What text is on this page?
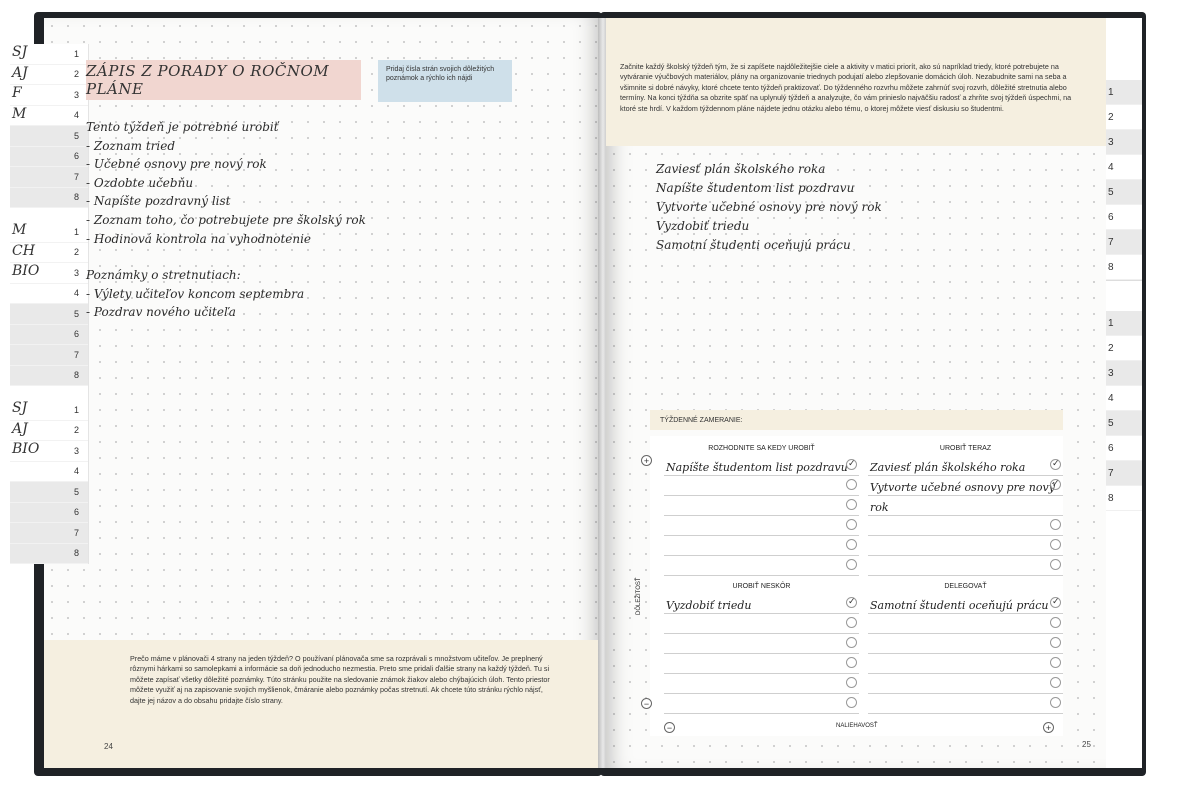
SJ	1
AJ	2
F	3
M	4
5
6
7
8
M	1
CH	2
BIO	3
4
5
6
7
8
SJ	1
AJ	2
BIO	3
4
5
6
7
8
ZÁPIS Z PORADY O ROČNOM PLÁNE
Pridaj čísla strán svojich dôležitých poznámok a rýchlo ich nájdi
Tento týždeň je potrebné urobiť
- Zoznam tried
- Učebné osnovy pre nový rok
- Ozdobte učebňu
- Napíšte pozdravný list
- Zoznam toho, čo potrebujete pre školský rok
- Hodinová kontrola na vyhodnotenie
Poznámky o stretnutiach:
- Výlety učiteľov koncom septembra
- Pozdrav nového učiteľa
Prečo máme v plánovači 4 strany na jeden týždeň? O používaní plánovača sme sa rozprávali s množstvom učiteľov. Je preplnený rôznymi hárkami so samolepkami a informácie sa doň jednoducho nezmestia. Preto sme pridali ďalšie strany na každý týždeň. Tu si môžete zapísať všetky dôležité poznámky. Túto stránku použite na sledovanie známok žiakov alebo chýbajúcich úloh. Tento priestor môžete využiť aj na zapisovanie svojich myšlienok, čmáranie alebo poznámky počas stretnutí. Ak chcete túto stránku rýchlo nájsť, dajte jej názov a do obsahu pridajte číslo strany.
24
Začnite každý školský týždeň tým, že si zapíšete najdôležitejšie ciele a aktivity v matici priorít, ako sú napríklad triedy, ktoré potrebujete na vytváranie výučbových materiálov, plány na organizovanie triednych podujatí alebo zlepšovanie domácich úloh. Nezabudnite sami na seba a všimnite si dobré návyky, ktoré chcete tento týždeň praktizovať. Do týždenného rozvrhu môžete zahrnúť svoj rozvrh, dôležité stretnutia alebo termíny. Na konci týždňa sa obzrite späť na uplynulý týždeň a analyzujte, čo vám prinieslo najväčšiu radosť a zhrňte svoj týždeň úspechmi, na ktoré ste hrdí. V každom týždennom pláne nájdete jednu otázku alebo tému, o ktorej môžete viesť diskusiu so študentmi.
Zaviesť plán školského roka
Napíšte študentom list pozdravu
Vytvorte učebné osnovy pre nový rok
Vyzdobiť triedu
Samotní študenti oceňujú prácu
1
2
3
4
5
6
7
8
1
2
3
4
5
6
7
8
TÝŽDENNÉ ZAMERANIE:
ROZHODNITE SA KEDY UROBIŤ
Napíšte študentom list pozdravu
✓
UROBIŤ TERAZ
Zaviesť plán školského roka
✓
Vytvorte učebné osnovy pre nový
✓
rok
UROBIŤ NESKÔR
Vyzdobiť triedu
✓
DELEGOVAŤ
Samotní študenti oceňujú prácu
✓
+
−
−	+
DÔLEŽITOSŤ
NALIEHAVOSŤ
25
